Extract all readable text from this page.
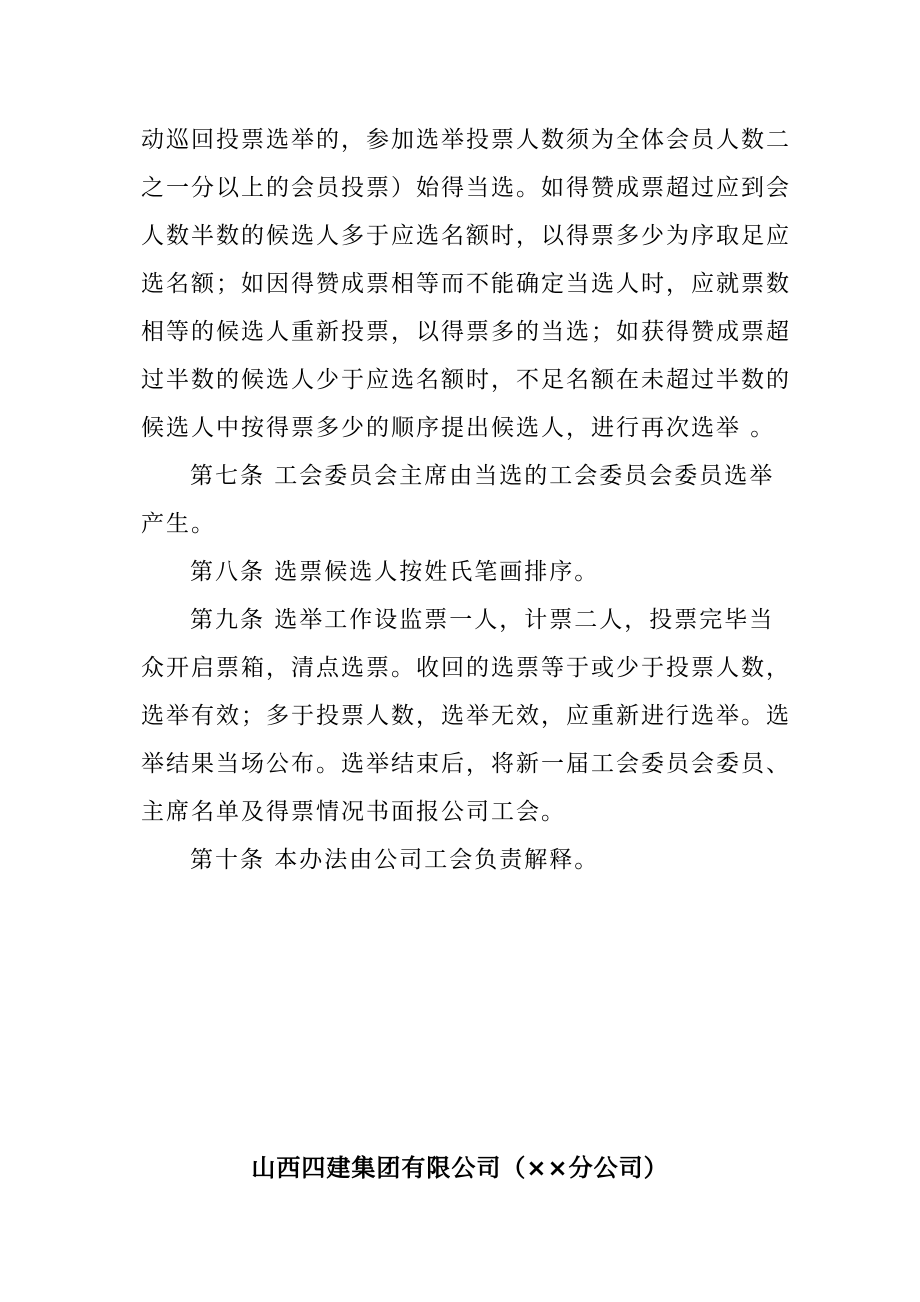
动巡回投票选举的，参加选举投票人数须为全体会员人数二
之一分以上的会员投票）始得当选。如得赞成票超过应到会
人数半数的候选人多于应选名额时，以得票多少为序取足应
选名额；如因得赞成票相等而不能确定当选人时，应就票数
相等的候选人重新投票，以得票多的当选；如获得赞成票超
过半数的候选人少于应选名额时，不足名额在未超过半数的
候选人中按得票多少的顺序提出候选人，进行再次选举 。
第七条 工会委员会主席由当选的工会委员会委员选举
产生。
第八条 选票候选人按姓氏笔画排序。
第九条 选举工作设监票一人，计票二人，投票完毕当
众开启票箱，清点选票。收回的选票等于或少于投票人数，
选举有效；多于投票人数，选举无效，应重新进行选举。选
举结果当场公布。选举结束后，将新一届工会委员会委员、
主席名单及得票情况书面报公司工会。
第十条 本办法由公司工会负责解释。
山西四建集团有限公司（××分公司）
